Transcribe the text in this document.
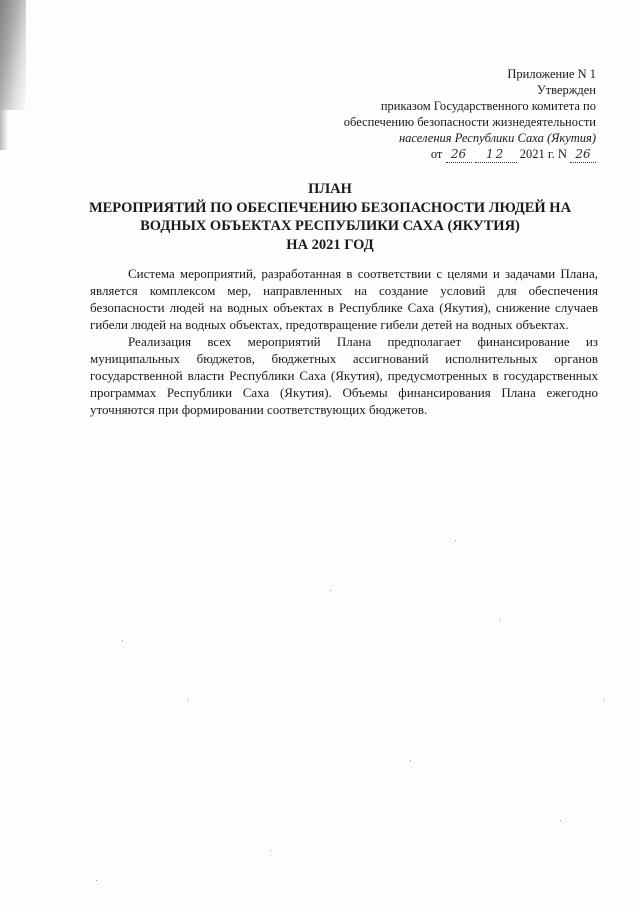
Приложение N 1
Утвержден
приказом Государственного комитета по
обеспечению безопасности жизнедеятельности
населения Республики Саха (Якутия)
от 26 12 2021 г. N 26
ПЛАН
МЕРОПРИЯТИЙ ПО ОБЕСПЕЧЕНИЮ БЕЗОПАСНОСТИ ЛЮДЕЙ НА
ВОДНЫХ ОБЪЕКТАХ РЕСПУБЛИКИ САХА (ЯКУТИЯ)
НА 2021 ГОД

Система мероприятий, разработанная в соответствии с целями и задачами Плана, является комплексом мер, направленных на создание условий для обеспечения безопасности людей на водных объектах в Республике Саха (Якутия), снижение случаев гибели людей на водных объектах, предотвращение гибели детей на водных объектах.

Реализация всех мероприятий Плана предполагает финансирование из муниципальных бюджетов, бюджетных ассигнований исполнительных органов государственной власти Республики Саха (Якутия), предусмотренных в государственных программах Республики Саха (Якутия). Объемы финансирования Плана ежегодно уточняются при формировании соответствующих бюджетов.
